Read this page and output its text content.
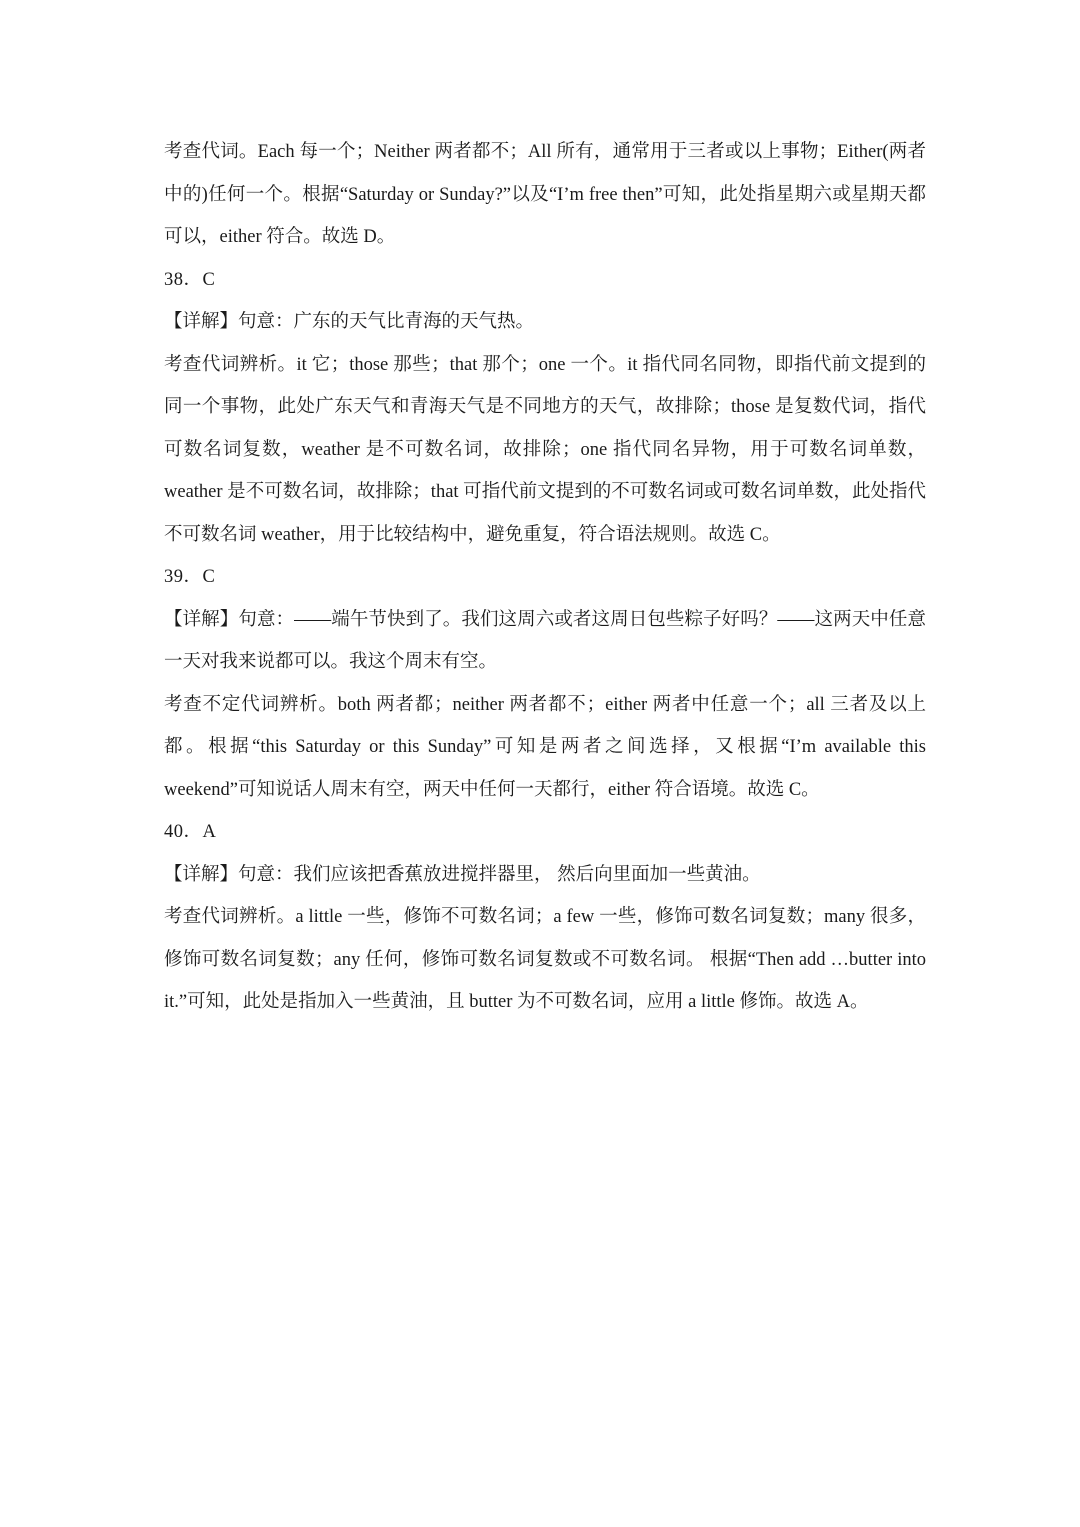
考查代词。Each 每一个；Neither 两者都不；All 所有，通常用于三者或以上事物；Either(两者中的)任何一个。根据“Saturday or Sunday?”以及“I’m free then”可知，此处指星期六或星期天都可以，either 符合。故选 D。

38．C

【详解】句意：广东的天气比青海的天气热。

考查代词辨析。it 它；those 那些；that 那个；one 一个。it 指代同名同物，即指代前文提到的同一个事物，此处广东天气和青海天气是不同地方的天气，故排除；those 是复数代词，指代可数名词复数，weather 是不可数名词，故排除；one 指代同名异物，用于可数名词单数，weather 是不可数名词，故排除；that 可指代前文提到的不可数名词或可数名词单数，此处指代不可数名词 weather，用于比较结构中，避免重复，符合语法规则。故选 C。

39．C

【详解】句意：——端午节快到了。我们这周六或者这周日包些粽子好吗？——这两天中任意一天对我来说都可以。我这个周末有空。

考查不定代词辨析。both 两者都；neither 两者都不；either 两者中任意一个；all 三者及以上都。根据“this Saturday or this Sunday”可知是两者之间选择，又根据“I’m available this weekend”可知说话人周末有空，两天中任何一天都行，either 符合语境。故选 C。

40．A

【详解】句意：我们应该把香蕉放进搅拌器里， 然后向里面加一些黄油。

考查代词辨析。a little 一些，修饰不可数名词；a few 一些，修饰可数名词复数；many 很多，修饰可数名词复数；any 任何，修饰可数名词复数或不可数名词。 根据“Then add …butter into it.”可知，此处是指加入一些黄油，且 butter 为不可数名词，应用 a little 修饰。故选 A。
